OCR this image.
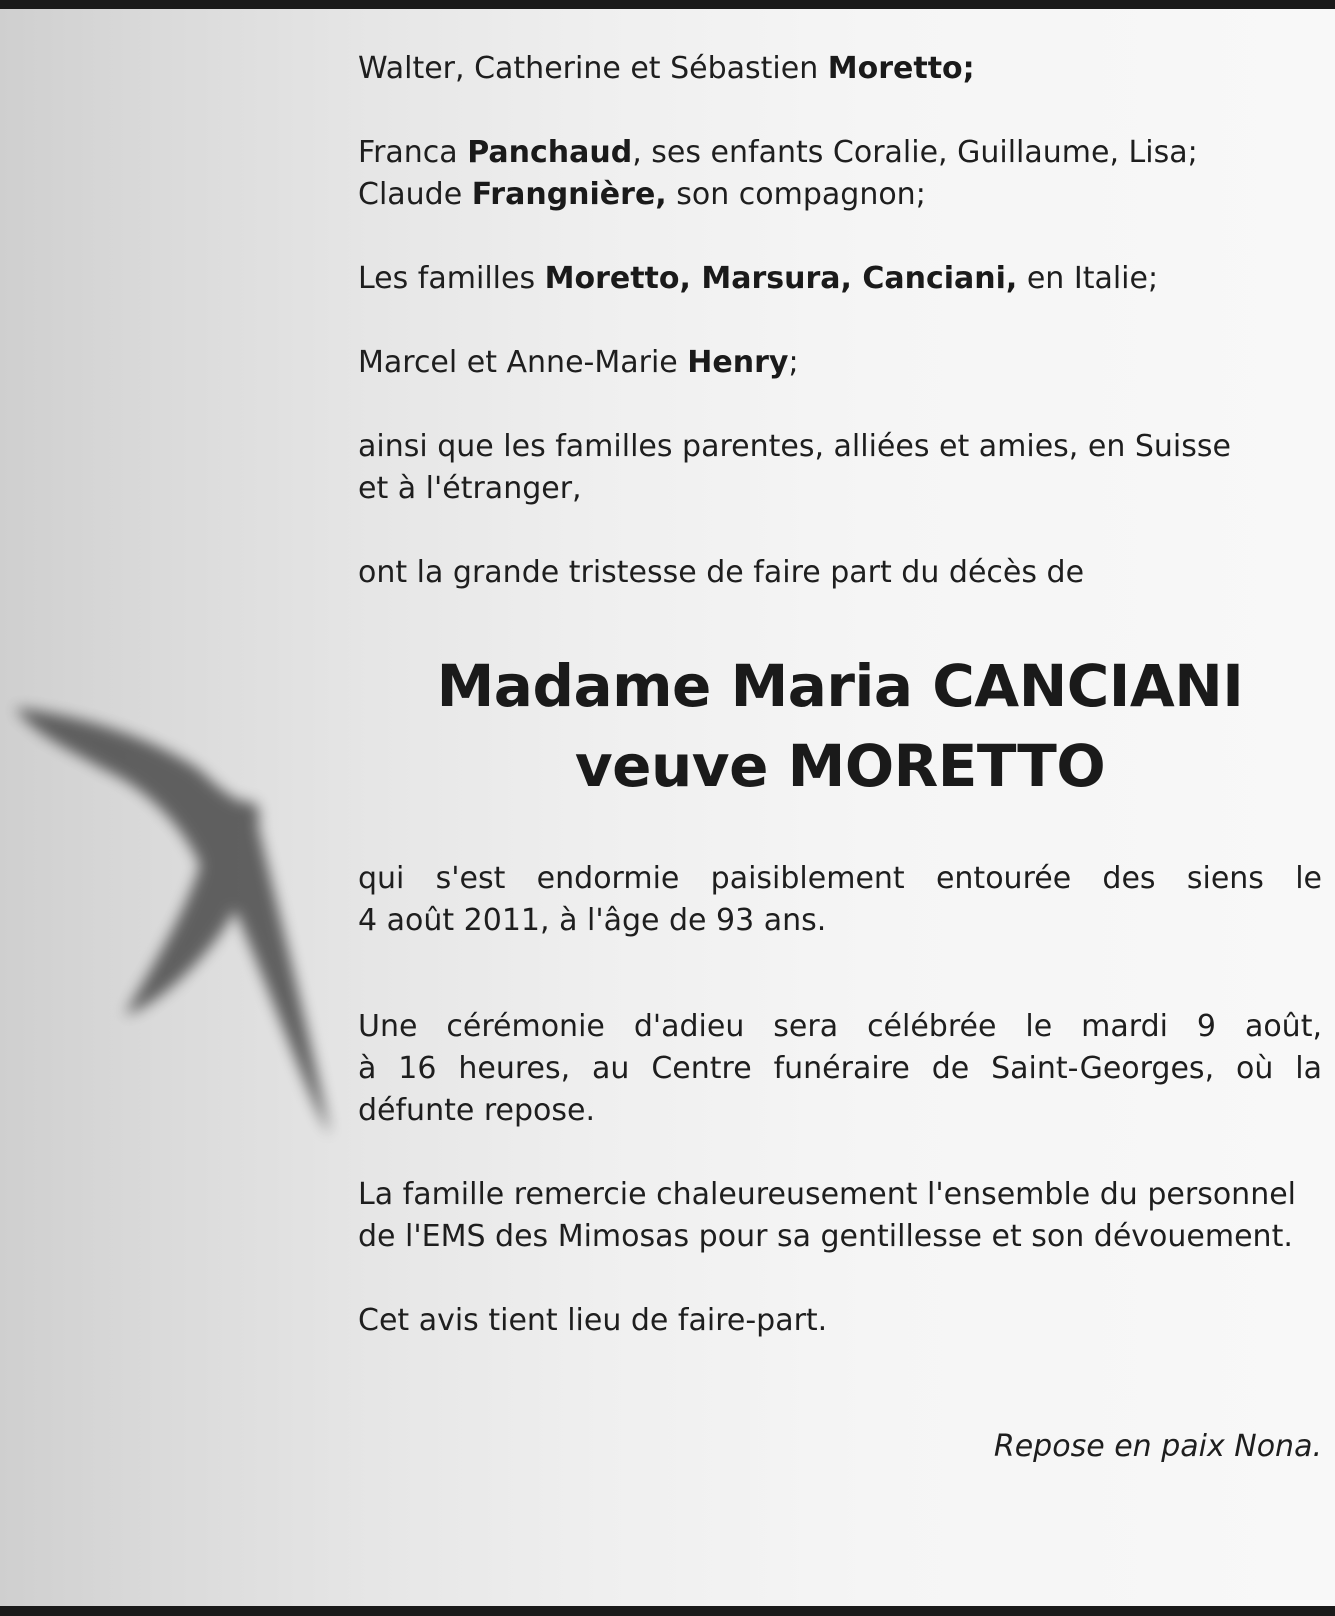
Walter, Catherine et Sébastien Moretto;

Franca Panchaud, ses enfants Coralie, Guillaume, Lisa;

Claude Frangnière, son compagnon;

Les familles Moretto, Marsura, Canciani, en Italie;

Marcel et Anne-Marie Henry;

ainsi que les familles parentes, alliées et amies, en Suisse
et à l'étranger,

ont la grande tristesse de faire part du décès de

Madame Maria CANCIANI
veuve MORETTO

qui s'est endormie paisiblement entourée des siens le
4 août 2011, à l'âge de 93 ans.

Une cérémonie d'adieu sera célébrée le mardi 9 août,
à 16 heures, au Centre funéraire de Saint-Georges, où la
défunte repose.

La famille remercie chaleureusement l'ensemble du personnel
de l'EMS des Mimosas pour sa gentillesse et son dévouement.

Cet avis tient lieu de faire-part.

Repose en paix Nona.
